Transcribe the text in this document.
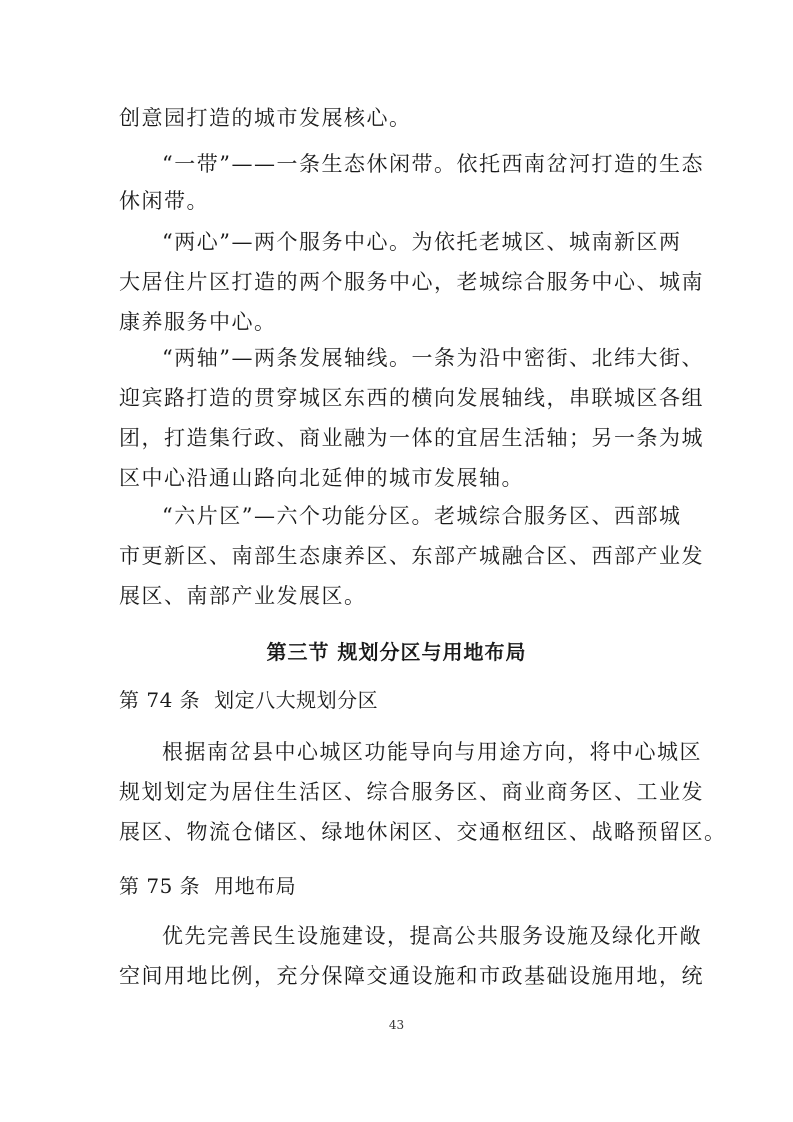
创意园打造的城市发展核心。
“一带”——一条生态休闲带。依托西南岔河打造的生态
休闲带。
“两心”—两个服务中心。为依托老城区、城南新区两
大居住片区打造的两个服务中心，老城综合服务中心、城南
康养服务中心。
“两轴”—两条发展轴线。一条为沿中密街、北纬大街、
迎宾路打造的贯穿城区东西的横向发展轴线，串联城区各组
团，打造集行政、商业融为一体的宜居生活轴；另一条为城
区中心沿通山路向北延伸的城市发展轴。
“六片区”—六个功能分区。老城综合服务区、西部城
市更新区、南部生态康养区、东部产城融合区、西部产业发
展区、南部产业发展区。
第三节 规划分区与用地布局
第 74 条 划定八大规划分区
根据南岔县中心城区功能导向与用途方向，将中心城区
规划划定为居住生活区、综合服务区、商业商务区、工业发
展区、物流仓储区、绿地休闲区、交通枢纽区、战略预留区。
第 75 条 用地布局
优先完善民生设施建设，提高公共服务设施及绿化开敞
空间用地比例，充分保障交通设施和市政基础设施用地，统
43
